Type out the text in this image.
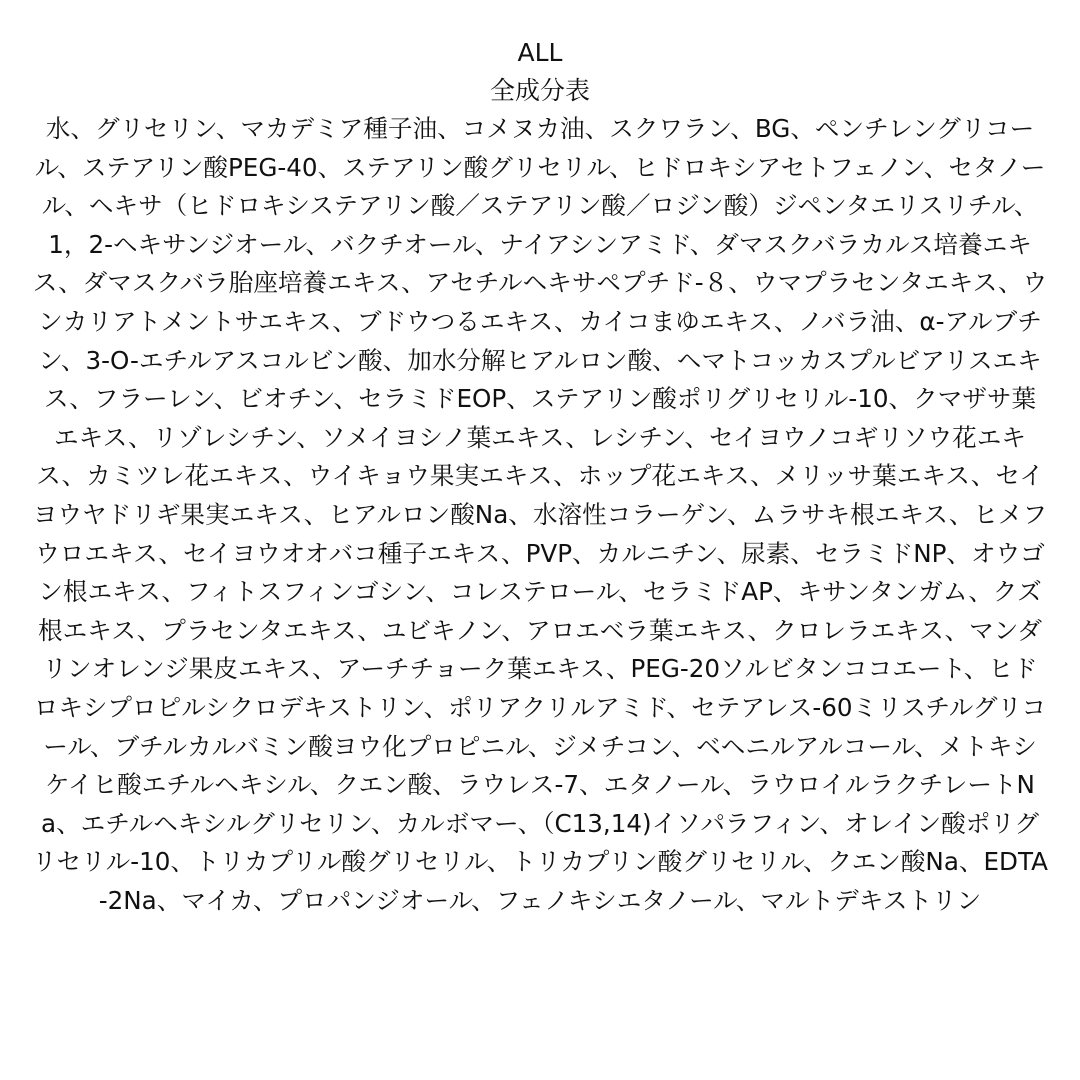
ALL
全成分表

水、グリセリン、マカデミア種子油、コメヌカ油、スクワラン、BG、ペンチレングリコール、ステアリン酸PEG-40、ステアリン酸グリセリル、ヒドロキシアセトフェノン、セタノール、ヘキサ（ヒドロキシステアリン酸／ステアリン酸／ロジン酸）ジペンタエリスリチル、1，2-ヘキサンジオール、バクチオール、ナイアシンアミド、ダマスクバラカルス培養エキス、ダマスクバラ胎座培養エキス、アセチルヘキサペプチド-８、ウマプラセンタエキス、ウンカリアトメントサエキス、ブドウつるエキス、カイコまゆエキス、ノバラ油、α-アルブチン、3-O-エチルアスコルビン酸、加水分解ヒアルロン酸、ヘマトコッカスプルビアリスエキス、フラーレン、ビオチン、セラミドEOP、ステアリン酸ポリグリセリル-10、クマザサ葉エキス、リゾレシチン、ソメイヨシノ葉エキス、レシチン、セイヨウノコギリソウ花エキス、カミツレ花エキス、ウイキョウ果実エキス、ホップ花エキス、メリッサ葉エキス、セイヨウヤドリギ果実エキス、ヒアルロン酸Na、水溶性コラーゲン、ムラサキ根エキス、ヒメフウロエキス、セイヨウオオバコ種子エキス、PVP、カルニチン、尿素、セラミドNP、オウゴン根エキス、フィトスフィンゴシン、コレステロール、セラミドAP、キサンタンガム、クズ根エキス、プラセンタエキス、ユビキノン、アロエベラ葉エキス、クロレラエキス、マンダリンオレンジ果皮エキス、アーチチョーク葉エキス、PEG-20ソルビタンココエート、ヒドロキシプロピルシクロデキストリン、ポリアクリルアミド、セテアレス-60ミリスチルグリコール、ブチルカルバミン酸ヨウ化プロピニル、ジメチコン、ベヘニルアルコール、メトキシケイヒ酸エチルヘキシル、クエン酸、ラウレス-7、エタノール、ラウロイルラクチレートNa、エチルヘキシルグリセリン、カルボマー、（C13,14)イソパラフィン、オレイン酸ポリグリセリル-10、トリカプリル酸グリセリル、トリカプリン酸グリセリル、クエン酸Na、EDTA-2Na、マイカ、プロパンジオール、フェノキシエタノール、マルトデキストリン
